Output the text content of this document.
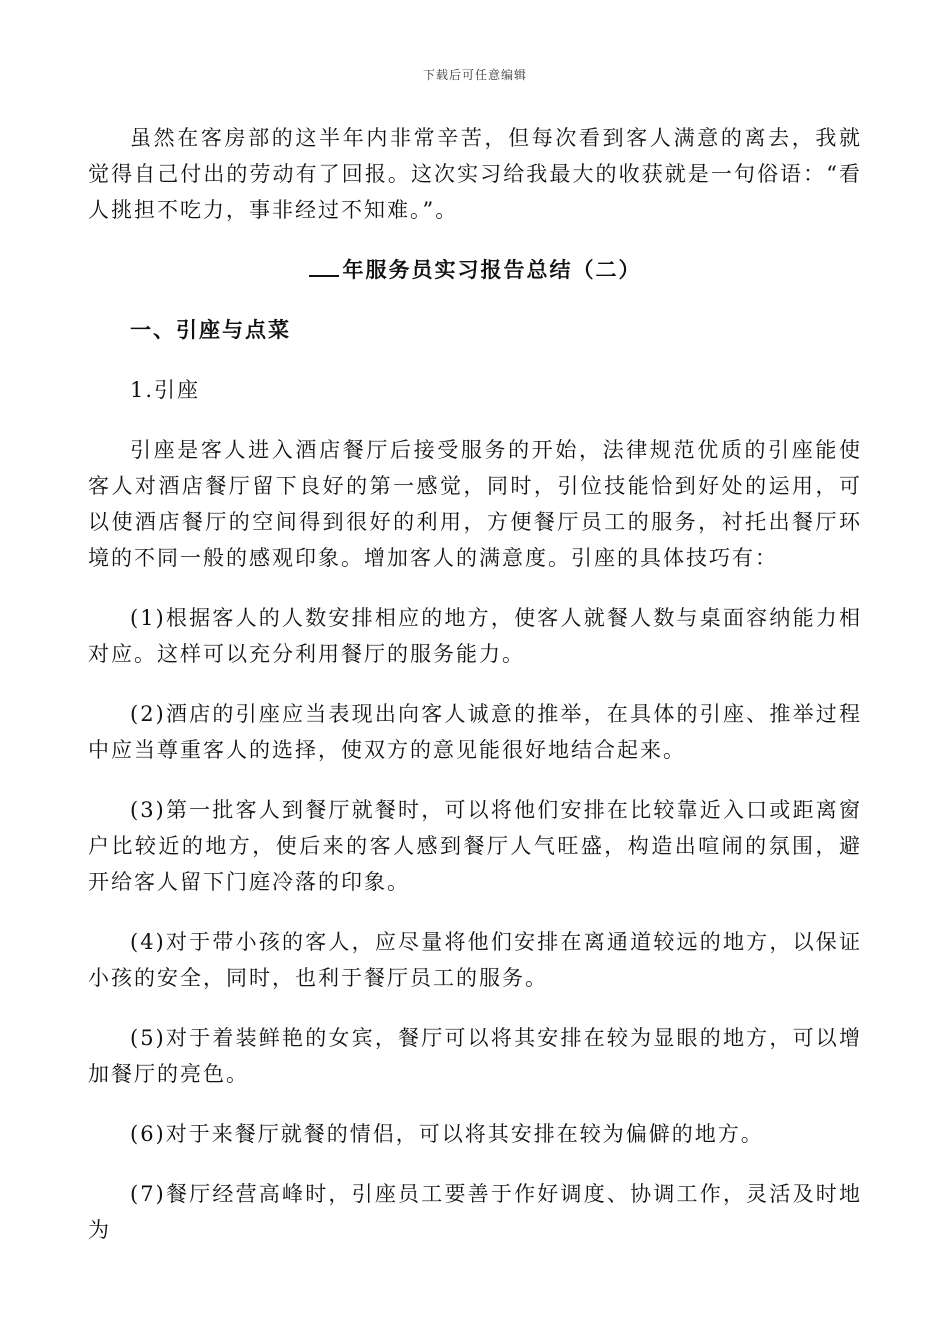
下载后可任意编辑

虽然在客房部的这半年内非常辛苦，但每次看到客人满意的离去，我就觉得自己付出的劳动有了回报。这次实习给我最大的收获就是一句俗语：“看人挑担不吃力，事非经过不知难。”。

年服务员实习报告总结（二）

一、引座与点菜

1.引座

引座是客人进入酒店餐厅后接受服务的开始，法律规范优质的引座能使客人对酒店餐厅留下良好的第一感觉，同时，引位技能恰到好处的运用，可以使酒店餐厅的空间得到很好的利用，方便餐厅员工的服务，衬托出餐厅环境的不同一般的感观印象。增加客人的满意度。引座的具体技巧有：

(1)根据客人的人数安排相应的地方，使客人就餐人数与桌面容纳能力相对应。这样可以充分利用餐厅的服务能力。

(2)酒店的引座应当表现出向客人诚意的推举，在具体的引座、推举过程中应当尊重客人的选择，使双方的意见能很好地结合起来。

(3)第一批客人到餐厅就餐时，可以将他们安排在比较靠近入口或距离窗户比较近的地方，使后来的客人感到餐厅人气旺盛，构造出喧闹的氛围，避开给客人留下门庭冷落的印象。

(4)对于带小孩的客人，应尽量将他们安排在离通道较远的地方，以保证小孩的安全，同时，也利于餐厅员工的服务。

(5)对于着装鲜艳的女宾，餐厅可以将其安排在较为显眼的地方，可以增加餐厅的亮色。

(6)对于来餐厅就餐的情侣，可以将其安排在较为偏僻的地方。

(7)餐厅经营高峰时，引座员工要善于作好调度、协调工作，灵活及时地为
